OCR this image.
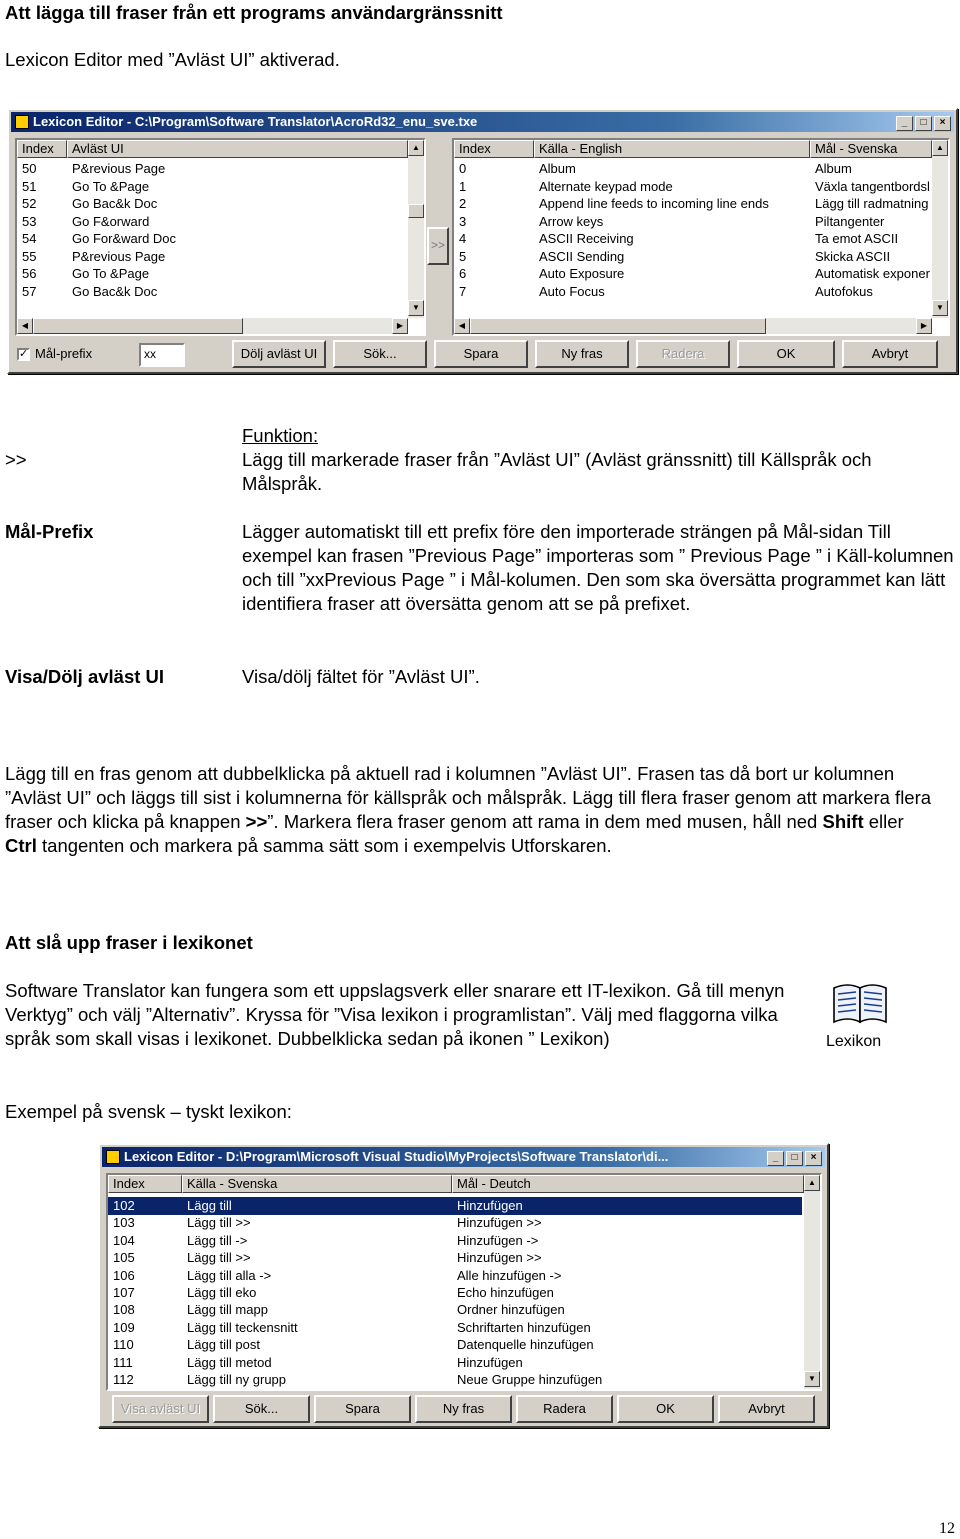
Att lägga till fraser från ett programs användargränssnitt
Lexicon Editor med ”Avläst UI” aktiverad.
Lexicon Editor - C:\Program\Software Translator\AcroRd32_enu_sve.txe	_	□	×
Index	Avläst UI	▲
▼
◀	▶
50	P&revious Page
51	Go To &Page
52	Go Bac&k Doc
53	Go F&orward
54	Go For&ward Doc
55	P&revious Page
56	Go To &Page
57	Go Bac&k Doc
>>
Index	Källa - English	Mål - Svenska	▲
▼
◀	▶
0	Album	Album
1	Alternate keypad mode	Växla tangentbordsl
2	Append line feeds to incoming line ends	Lägg till radmatning
3	Arrow keys	Piltangenter
4	ASCII Receiving	Ta emot ASCII
5	ASCII Sending	Skicka ASCII
6	Auto Exposure	Automatisk exponer
7	Auto Focus	Autofokus
✓ Mål-prefix	xx	Dölj avläst UI	Sök...	Spara	Ny fras	Radera	OK	Avbryt
Funktion:
>>	Lägg till markerade fraser från ”Avläst UI” (Avläst gränssnitt) till Källspråk och Målspråk.
Mål-Prefix	Lägger automatiskt till ett prefix före den importerade strängen på Mål-sidan Till exempel kan frasen ”Previous Page” importeras som ” Previous Page ” i Käll-kolumnen och till ”xxPrevious Page ” i Mål-kolumen. Den som ska översätta programmet kan lätt identifiera fraser att översätta genom att se på prefixet.
Visa/Dölj avläst UI	Visa/dölj fältet för ”Avläst UI”.
Lägg till en fras genom att dubbelklicka på aktuell rad i kolumnen ”Avläst UI”. Frasen tas då bort ur kolumnen ”Avläst UI” och läggs till sist i kolumnerna för källspråk och målspråk. Lägg till flera fraser genom att markera flera fraser och klicka på knappen >>”. Markera flera fraser genom att rama in dem med musen, håll ned Shift eller Ctrl tangenten och markera på samma sätt som i exempelvis Utforskaren.
Att slå upp fraser i lexikonet
Software Translator kan fungera som ett uppslagsverk eller snarare ett IT-lexikon. Gå till menyn Verktyg” och välj ”Alternativ”. Kryssa för ”Visa lexikon i programlistan”. Välj med flaggorna vilka språk som skall visas i lexikonet. Dubbelklicka sedan på ikonen ” Lexikon)	Lexikon
Exempel på svensk – tyskt lexikon:
Lexicon Editor - D:\Program\Microsoft Visual Studio\MyProjects\Software Translator\di...	_	□	×
Index	Källa - Svenska	Mål - Deutch	▲
▼
102	Lägg till	Hinzufügen
103	Lägg till >>	Hinzufügen >>
104	Lägg till ->	Hinzufügen ->
105	Lägg till >>	Hinzufügen >>
106	Lägg till alla ->	Alle hinzufügen ->
107	Lägg till eko	Echo hinzufügen
108	Lägg till mapp	Ordner hinzufügen
109	Lägg till teckensnitt	Schriftarten hinzufügen
110	Lägg till post	Datenquelle hinzufügen
111	Lägg till metod	Hinzufügen
112	Lägg till ny grupp	Neue Gruppe hinzufügen
Visa avläst UI	Sök...	Spara	Ny fras	Radera	OK	Avbryt
12
